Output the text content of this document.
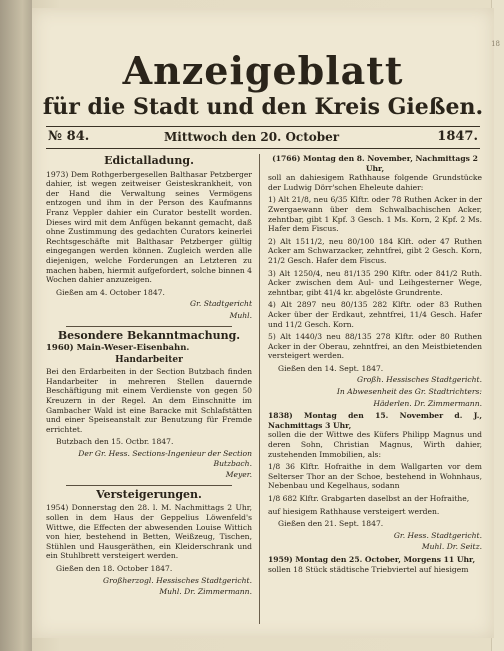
18
Anzeigeblatt
für die Stadt und den Kreis Gießen.
№ 84.	Mittwoch den 20. October	1847.
Edictalladung.

1973) Dem Rothgerbergesellen Balthasar Petzberger dahier, ist wegen zeitweiser Geisteskrankheit, von der Hand die Verwaltung seines Vermögens entzogen und ihm in der Person des Kaufmanns Franz Veppler dahier ein Curator bestellt worden. Dieses wird mit dem Anfügen bekannt gemacht, daß ohne Zustimmung des gedachten Curators keinerlei Rechtsgeschäfte mit Balthasar Petzberger gültig eingegangen werden können. Zugleich werden alle diejenigen, welche Forderungen an Letzteren zu machen haben, hiermit aufgefordert, solche binnen 4 Wochen dahier anzuzeigen.

Gießen am 4. October 1847.
Gr. Stadtgericht
Muhl.
Besondere Bekanntmachung.
1960) Main-Weser-Eisenbahn.
Handarbeiter

Bei den Erdarbeiten in der Section Butzbach finden Handarbeiter in mehreren Stellen dauernde Beschäftigung mit einem Verdienste von gegen 50 Kreuzern in der Regel. An dem Einschnitte im Gambacher Wald ist eine Baracke mit Schlafstätten und einer Speiseanstalt zur Benutzung für Fremde errichtet.

Butzbach den 15. Octbr. 1847.
Der Gr. Hess. Sections-Ingenieur der Section Butzbach.
Meyer.
Versteigerungen.

1954) Donnerstag den 28. l. M. Nachmittags 2 Uhr, sollen in dem Haus der Geppelius Löwenfeld's Wittwe, die Effecten der abwesenden Louise Wittich von hier, bestehend in Betten, Weißzeug, Tischen, Stühlen und Hausgeräthen, ein Kleiderschrank und ein Stuhlbrett versteigert werden.

Gießen den 18. October 1847.
Großherzogl. Hessisches Stadtgericht.
Muhl. Dr. Zimmermann.
(1766) Montag den 8. November, Nachmittags 2 Uhr,

soll an dahiesigem Rathhause folgende Grundstücke der Ludwig Dörr'schen Eheleute dahier:

1) Alt 21/8, neu 6/35 Klftr. oder 78 Ruthen Acker in der Zwergaewann über dem Schwalbachischen Acker, zehntbar, gibt 1 Kpf. 3 Gesch. 1 Ms. Korn, 2 Kpf. 2 Ms. Hafer dem Fiscus.

2) Alt 1511/2, neu 80/100 184 Klft. oder 47 Ruthen Acker am Schwarzacker, zehntfrei, gibt 2 Gesch. Korn, 21/2 Gesch. Hafer dem Fiscus.

3) Alt 1250/4, neu 81/135 290 Klftr. oder 841/2 Ruth. Acker zwischen dem Aul- und Leihgesterner Wege, zehntbar, gibt 41/4 kr. abgelöste Grundrente.

4) Alt 2897 neu 80/135 282 Klftr. oder 83 Ruthen Acker über der Erdkaut, zehntfrei, 11/4 Gesch. Hafer und 11/2 Gesch. Korn.

5) Alt 1440/3 neu 88/135 278 Klftr. oder 80 Ruthen Acker in der Oberau, zehntfrei, an den Meistbietenden versteigert werden.

Gießen den 14. Sept. 1847.
Großh. Hessisches Stadtgericht.
In Abwesenheit des Gr. Stadtrichters:
Häderlen. Dr. Zimmermann.
1838) Montag den 15. November d. J., Nachmittags 3 Uhr,

sollen die der Wittwe des Küfers Philipp Magnus und deren Sohn, Christian Magnus, Wirth dahier, zustehenden Immobilien, als:

1/8 36 Klftr. Hofraithe in dem Wallgarten vor dem Selterser Thor an der Schoe, bestehend in Wohnhaus, Nebenbau und Kegelhaus, sodann

1/8 682 Klftr. Grabgarten daselbst an der Hofraithe,

auf hiesigem Rathhause versteigert werden.

Gießen den 21. Sept. 1847.
Gr. Hess. Stadtgericht.
Muhl. Dr. Seitz.
1959) Montag den 25. October, Morgens 11 Uhr,

sollen 18 Stück städtische Triebviertel auf hiesigem
